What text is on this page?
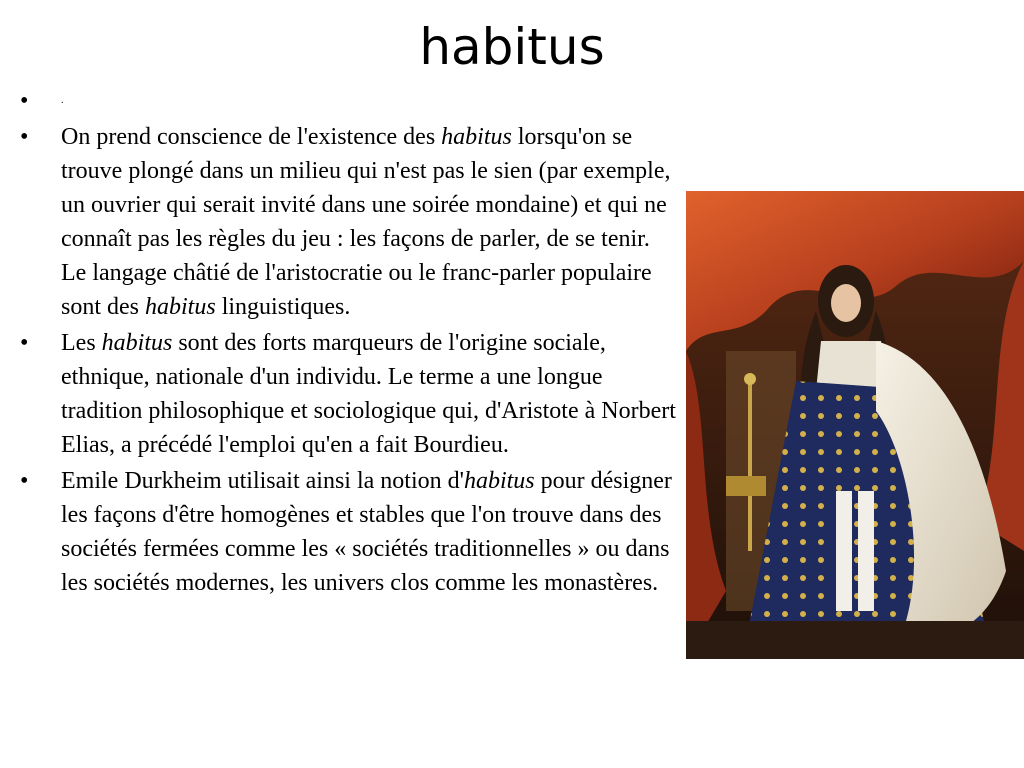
habitus
•	.
•	On prend conscience de l'existence des habitus lorsqu'on se trouve plongé dans un milieu qui n'est pas le sien (par exemple, un ouvrier qui serait invité dans une soirée mondaine) et qui ne connaît pas les règles du jeu : les façons de parler, de se tenir. Le langage châtié de l'aristocratie ou le franc-parler populaire sont des habitus linguistiques.
•	Les habitus sont des forts marqueurs de l'origine sociale, ethnique, nationale d'un individu. Le terme a une longue tradition philosophique et sociologique qui, d'Aristote à Norbert Elias, a précédé l'emploi qu'en a fait Bourdieu.
•	Emile Durkheim utilisait ainsi la notion d'habitus pour désigner les façons d'être homogènes et stables que l'on trouve dans des sociétés fermées comme les « sociétés traditionnelles » ou dans les sociétés modernes, les univers clos comme les monastères.
